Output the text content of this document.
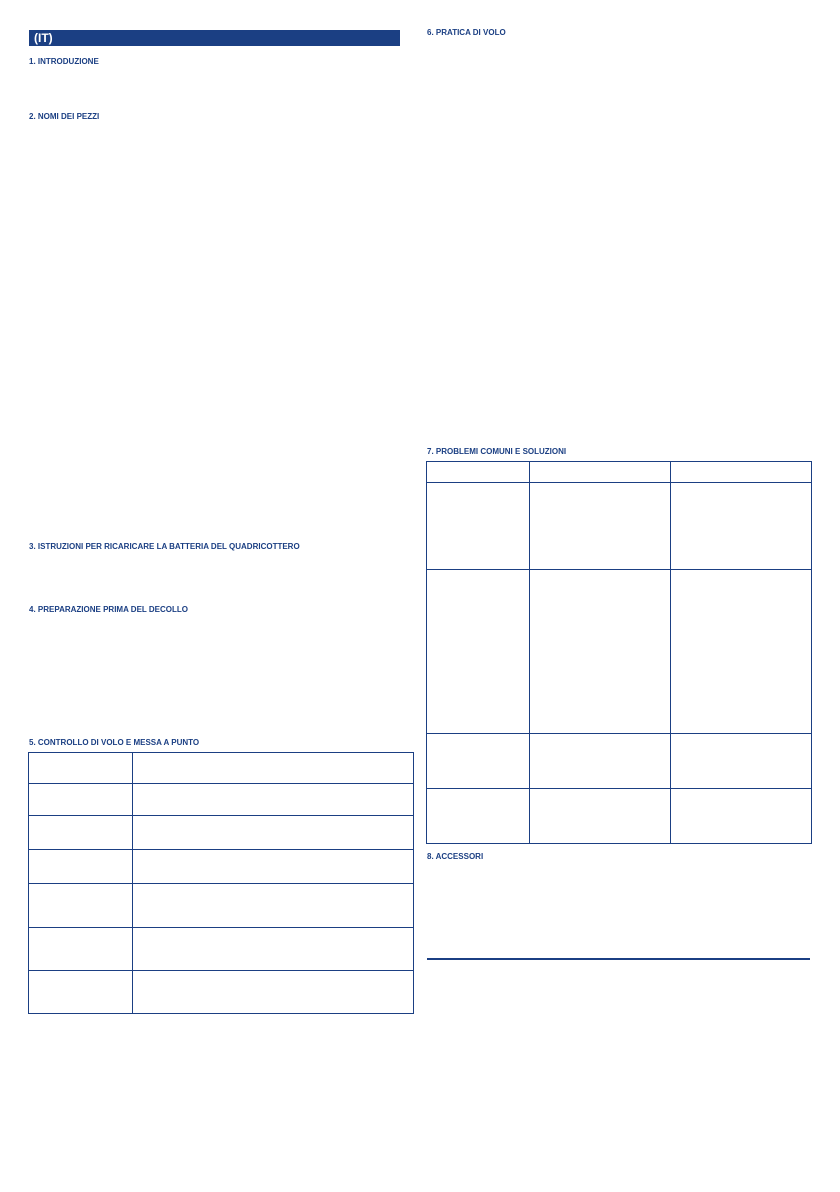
(IT)
1. INTRODUZIONE
2. NOMI DEI PEZZI
3. ISTRUZIONI PER RICARICARE LA BATTERIA DEL QUADRICOTTERO
4. PREPARAZIONE PRIMA DEL DECOLLO
5. CONTROLLO DI VOLO E MESSA A PUNTO

6. PRATICA DI VOLO
7. PROBLEMI COMUNI E SOLUZIONI

8. ACCESSORI
